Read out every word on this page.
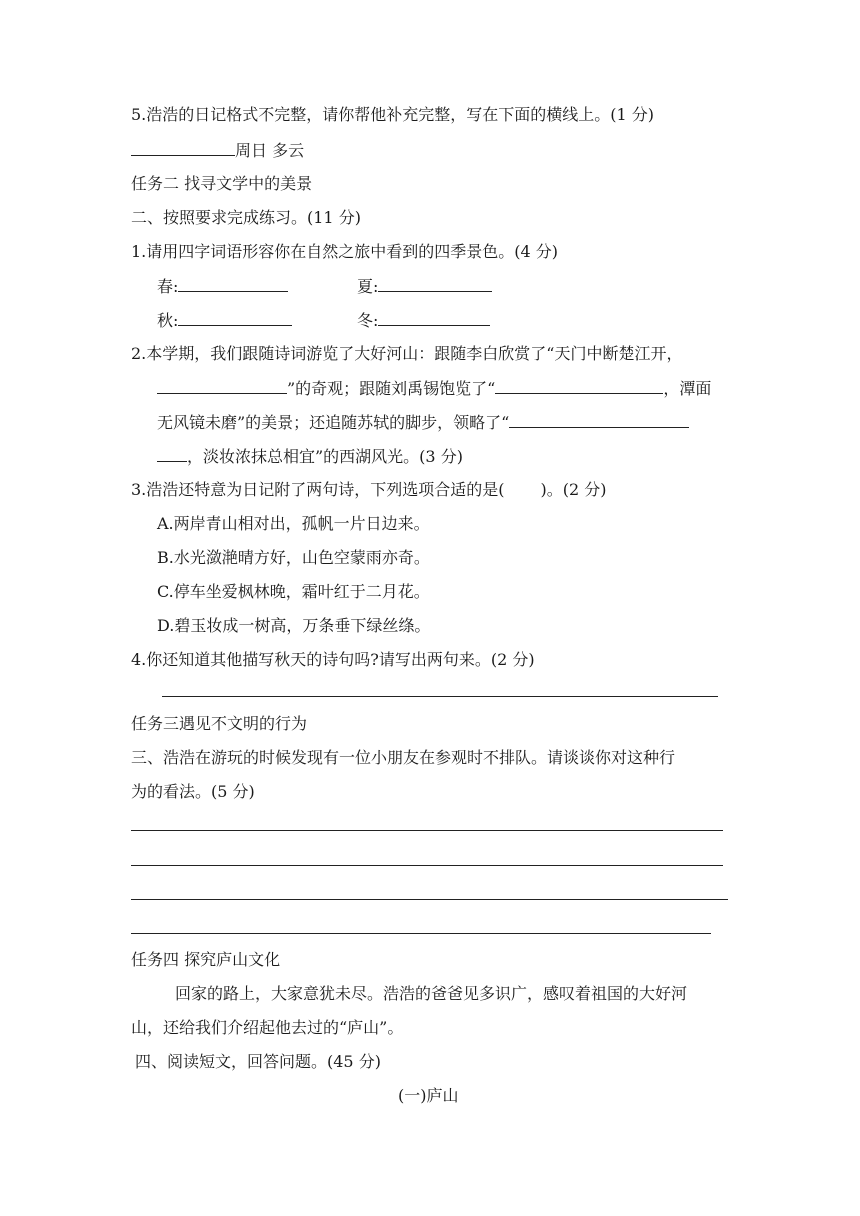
5.浩浩的日记格式不完整，请你帮他补充完整，写在下面的横线上。(1 分)
周日 多云
任务二 找寻文学中的美景
二、按照要求完成练习。(11 分)
1.请用四字词语形容你在自然之旅中看到的四季景色。(4 分)
春:	夏:
秋:	冬:
2.本学期，我们跟随诗词游览了大好河山：跟随李白欣赏了“天门中断楚江开，
”的奇观；跟随刘禹锡饱览了“	，潭面
无风镜未磨”的美景；还追随苏轼的脚步，领略了“
，淡妆浓抹总相宜”的西湖风光。(3 分)
3.浩浩还特意为日记附了两句诗，下列选项合适的是( )。(2 分)
A.两岸青山相对出，孤帆一片日边来。
B.水光潋滟晴方好，山色空蒙雨亦奇。
C.停车坐爱枫林晚，霜叶红于二月花。
D.碧玉妆成一树高，万条垂下绿丝绦。
4.你还知道其他描写秋天的诗句吗?请写出两句来。(2 分)
任务三遇见不文明的行为
三、浩浩在游玩的时候发现有一位小朋友在参观时不排队。请谈谈你对这种行
为的看法。(5 分)
任务四 探究庐山文化
回家的路上，大家意犹未尽。浩浩的爸爸见多识广，感叹着祖国的大好河
山，还给我们介绍起他去过的“庐山”。
四、阅读短文，回答问题。(45 分)
(一)庐山
